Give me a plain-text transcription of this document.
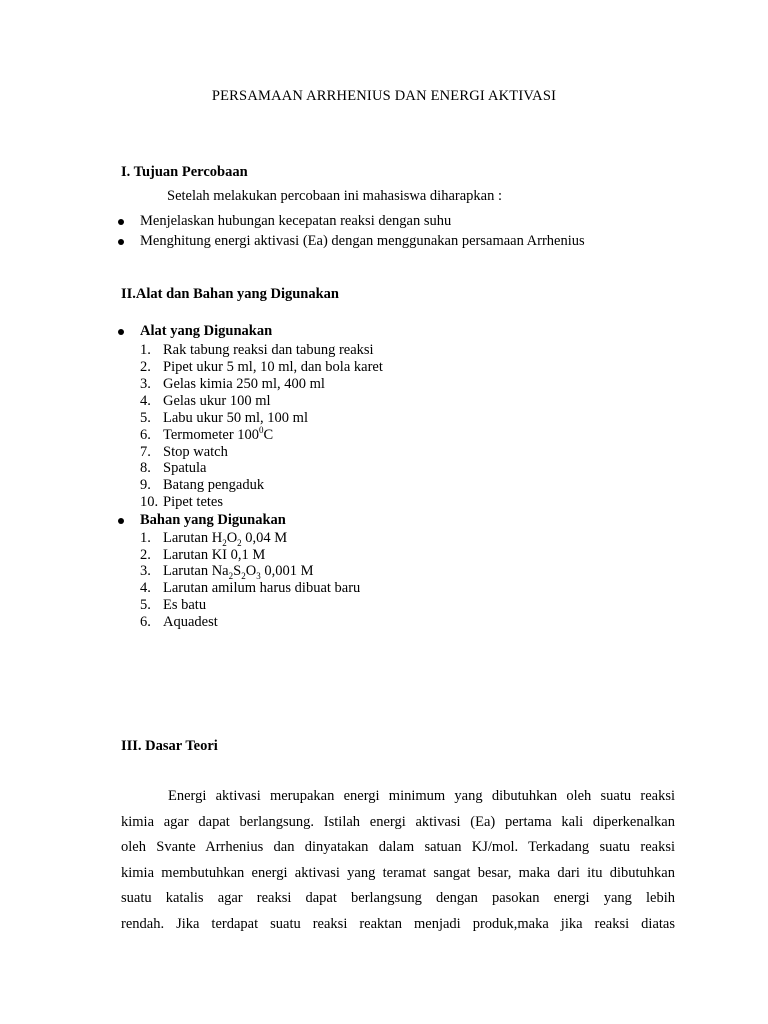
PERSAMAAN ARRHENIUS DAN ENERGI AKTIVASI
I. Tujuan Percobaan
Setelah melakukan percobaan ini mahasiswa diharapkan :
Menjelaskan hubungan kecepatan reaksi dengan suhu
Menghitung energi aktivasi (Ea) dengan menggunakan persamaan Arrhenius
II.Alat dan Bahan yang Digunakan
Alat yang Digunakan
1. Rak tabung reaksi dan tabung reaksi
2. Pipet ukur 5 ml, 10 ml, dan bola karet
3. Gelas kimia 250 ml, 400 ml
4. Gelas ukur 100 ml
5. Labu ukur 50 ml, 100 ml
6. Termometer $100^0C$
7. Stop watch
8. Spatula
9. Batang pengaduk
10. Pipet tetes
Bahan yang Digunakan
1. Larutan $H_2O_2$ 0,04 M
2. Larutan KI 0,1 M
3. Larutan $Na_2S_2O_3$ 0,001 M
4. Larutan amilum harus dibuat baru
5. Es batu
6. Aquadest
III. Dasar Teori
Energi aktivasi merupakan energi minimum yang dibutuhkan oleh suatu reaksi
kimia agar dapat berlangsung. Istilah energi aktivasi (Ea) pertama kali diperkenalkan
oleh Svante Arrhenius dan dinyatakan dalam satuan KJ/mol. Terkadang suatu reaksi
kimia membutuhkan energi aktivasi yang teramat sangat besar, maka dari itu dibutuhkan
suatu katalis agar reaksi dapat berlangsung dengan pasokan energi yang lebih
rendah. Jika terdapat suatu reaksi reaktan menjadi produk,maka jika reaksi diatas
